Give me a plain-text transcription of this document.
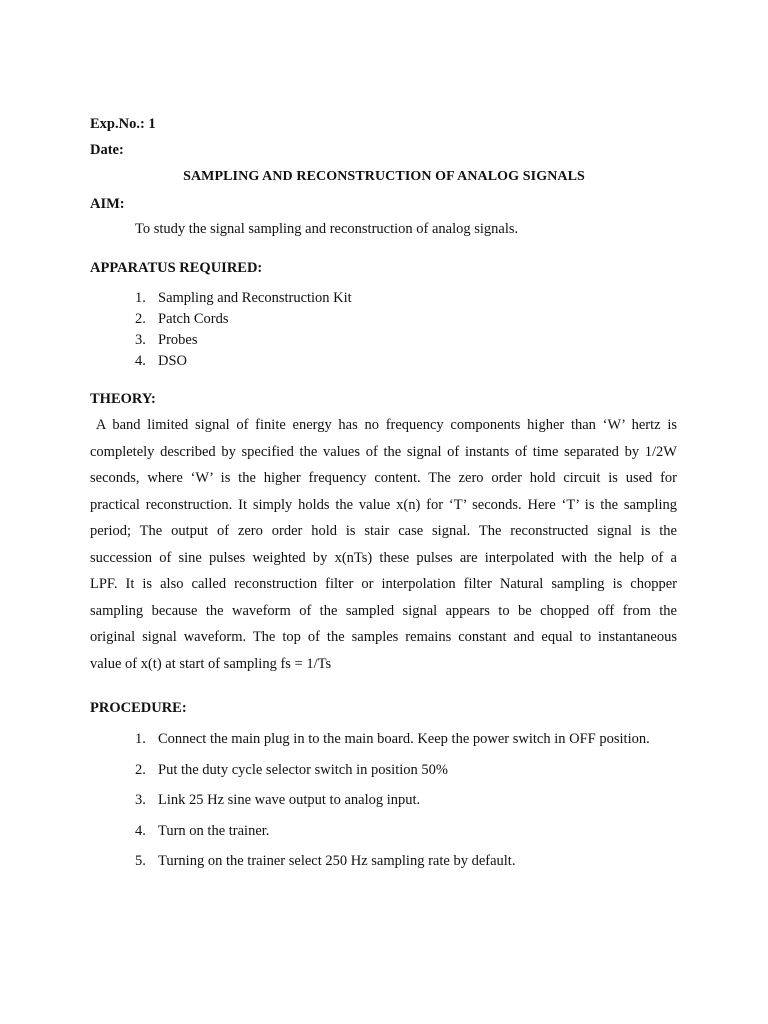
Exp.No.: 1
Date:
SAMPLING AND RECONSTRUCTION OF ANALOG SIGNALS
AIM:
To study the signal sampling and reconstruction of analog signals.
APPARATUS REQUIRED:
1. Sampling and Reconstruction Kit
2. Patch Cords
3. Probes
4. DSO
THEORY:
A band limited signal of finite energy has no frequency components higher than ‘W’ hertz is
completely described by specified the values of the signal of instants of time separated by 1/2W
seconds, where ‘W’ is the higher frequency content. The zero order hold circuit is used for
practical reconstruction. It simply holds the value x(n) for ‘T’ seconds. Here ‘T’ is the sampling
period; The output of zero order hold is stair case signal. The reconstructed signal is the
succession of sine pulses weighted by x(nTs) these pulses are interpolated with the help of a
LPF. It is also called reconstruction filter or interpolation filter Natural sampling is chopper
sampling because the waveform of the sampled signal appears to be chopped off from the
original signal waveform. The top of the samples remains constant and equal to instantaneous
value of x(t) at start of sampling fs = 1/Ts
PROCEDURE:
1. Connect the main plug in to the main board. Keep the power switch in OFF position.
2. Put the duty cycle selector switch in position 50%
3. Link 25 Hz sine wave output to analog input.
4. Turn on the trainer.
5. Turning on the trainer select 250 Hz sampling rate by default.
